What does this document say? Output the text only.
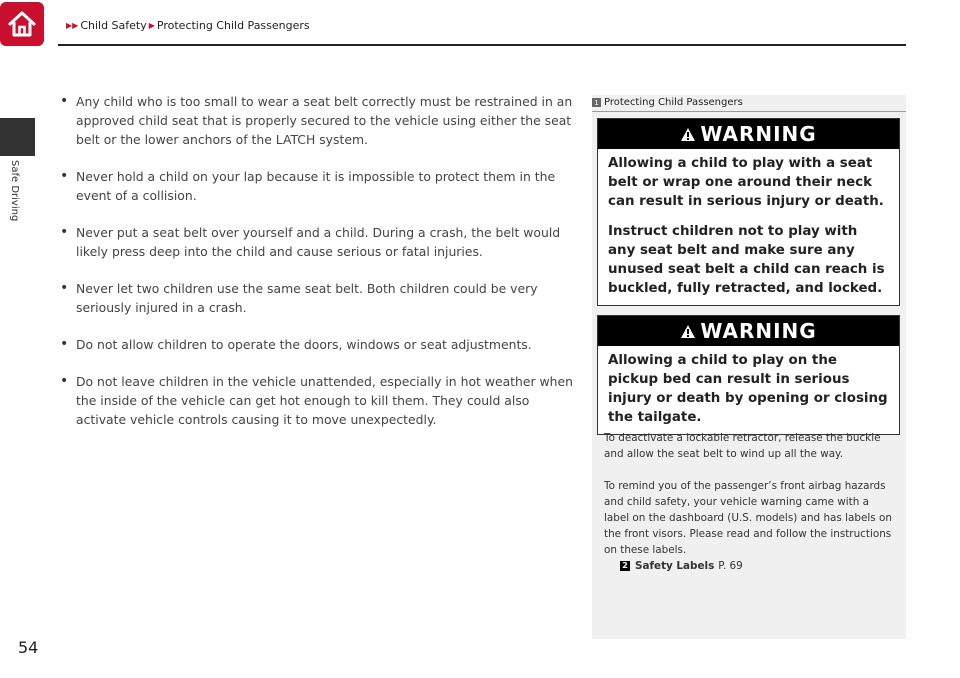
▶▶ Child Safety ▶ Protecting Child Passengers
Safe Driving
• Any child who is too small to wear a seat belt correctly must be restrained in an approved child seat that is properly secured to the vehicle using either the seat belt or the lower anchors of the LATCH system.
• Never hold a child on your lap because it is impossible to protect them in the event of a collision.
• Never put a seat belt over yourself and a child. During a crash, the belt would likely press deep into the child and cause serious or fatal injuries.
• Never let two children use the same seat belt. Both children could be very seriously injured in a crash.
• Do not allow children to operate the doors, windows or seat adjustments.
• Do not leave children in the vehicle unattended, especially in hot weather when the inside of the vehicle can get hot enough to kill them. They could also activate vehicle controls causing it to move unexpectedly.
1 Protecting Child Passengers
WARNING

Allowing a child to play with a seat belt or wrap one around their neck can result in serious injury or death.

Instruct children not to play with any seat belt and make sure any unused seat belt a child can reach is buckled, fully retracted, and locked.

WARNING

Allowing a child to play on the pickup bed can result in serious injury or death by opening or closing the tailgate.

To deactivate a lockable retractor, release the buckle and allow the seat belt to wind up all the way.

To remind you of the passenger’s front airbag hazards and child safety, your vehicle warning came with a label on the dashboard (U.S. models) and has labels on the front visors. Please read and follow the instructions on these labels.

2 Safety Labels P. 69
54
